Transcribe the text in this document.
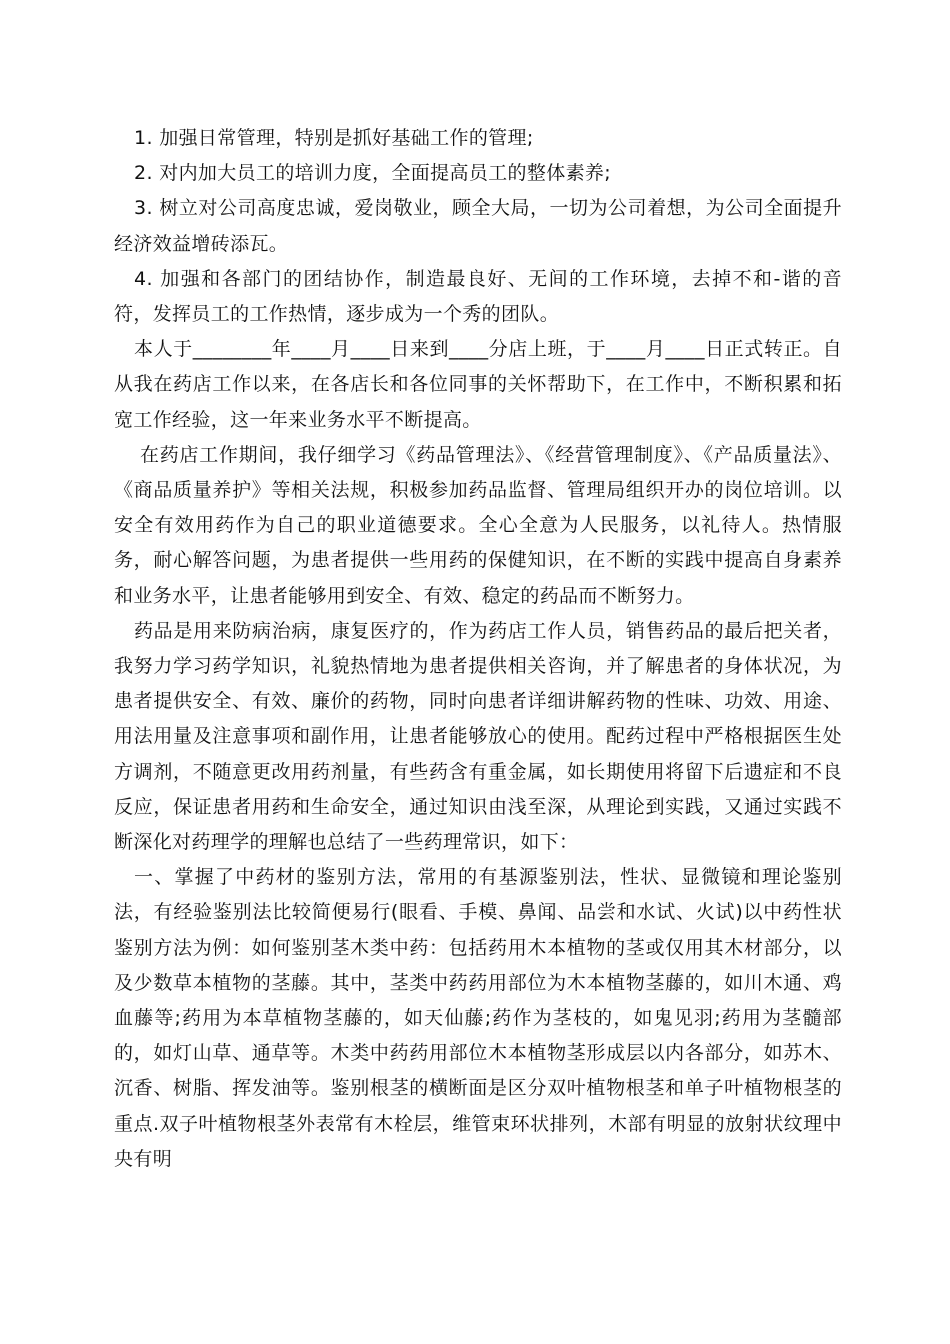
1. 加强日常管理，特别是抓好基础工作的管理;

2. 对内加大员工的培训力度，全面提高员工的整体素养;

3. 树立对公司高度忠诚，爱岗敬业，顾全大局，一切为公司着想，为公司全面提升经济效益增砖添瓦。

4. 加强和各部门的团结协作，制造最良好、无间的工作环境，去掉不和-谐的音符，发挥员工的工作热情，逐步成为一个秀的团队。

本人于________年____月____日来到____分店上班，于____月____日正式转正。自从我在药店工作以来，在各店长和各位同事的关怀帮助下，在工作中，不断积累和拓宽工作经验，这一年来业务水平不断提高。

在药店工作期间，我仔细学习《药品管理法》、《经营管理制度》、《产品质量法》、《商品质量养护》等相关法规，积极参加药品监督、管理局组织开办的岗位培训。以安全有效用药作为自己的职业道德要求。全心全意为人民服务，以礼待人。热情服务，耐心解答问题，为患者提供一些用药的保健知识，在不断的实践中提高自身素养和业务水平，让患者能够用到安全、有效、稳定的药品而不断努力。

药品是用来防病治病，康复医疗的，作为药店工作人员，销售药品的最后把关者，我努力学习药学知识，礼貌热情地为患者提供相关咨询，并了解患者的身体状况，为患者提供安全、有效、廉价的药物，同时向患者详细讲解药物的性味、功效、用途、用法用量及注意事项和副作用，让患者能够放心的使用。配药过程中严格根据医生处方调剂，不随意更改用药剂量，有些药含有重金属，如长期使用将留下后遗症和不良反应，保证患者用药和生命安全，通过知识由浅至深，从理论到实践，又通过实践不断深化对药理学的理解也总结了一些药理常识，如下：

一、掌握了中药材的鉴别方法，常用的有基源鉴别法，性状、显微镜和理论鉴别法，有经验鉴别法比较简便易行(眼看、手模、鼻闻、品尝和水试、火试)以中药性状鉴别方法为例：如何鉴别茎木类中药：包括药用木本植物的茎或仅用其木材部分，以及少数草本植物的茎藤。其中，茎类中药药用部位为木本植物茎藤的，如川木通、鸡血藤等;药用为本草植物茎藤的，如天仙藤;药作为茎枝的，如鬼见羽;药用为茎髓部的，如灯山草、通草等。木类中药药用部位木本植物茎形成层以内各部分，如苏木、沉香、树脂、挥发油等。鉴别根茎的横断面是区分双叶植物根茎和单子叶植物根茎的重点.双子叶植物根茎外表常有木栓层，维管束环状排列，木部有明显的放射状纹理中央有明
